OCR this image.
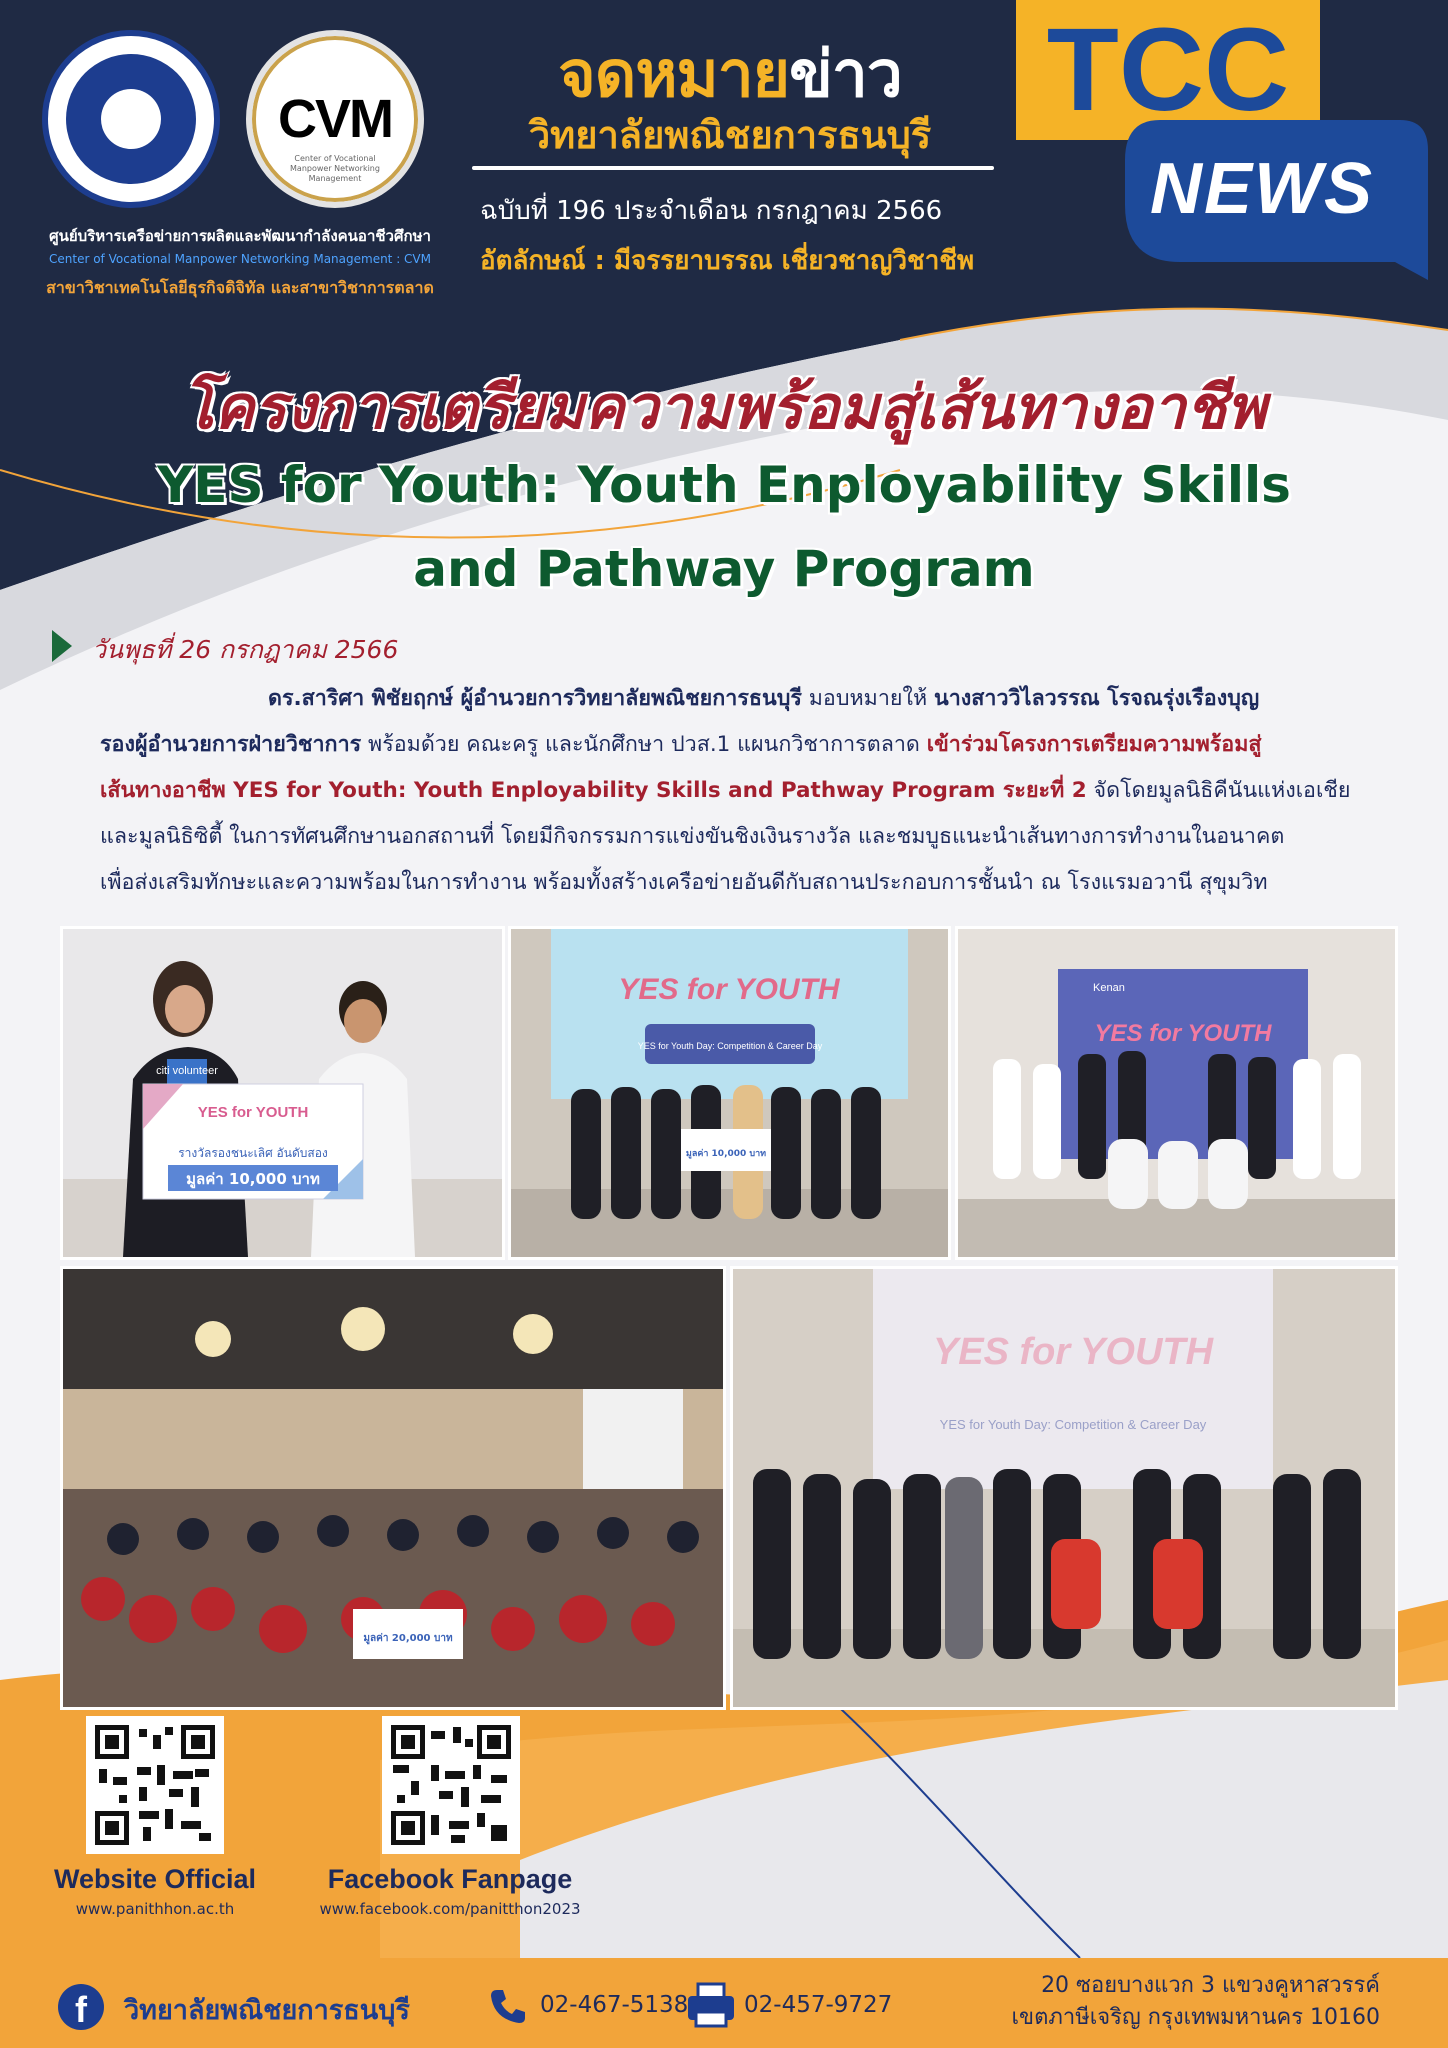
CVM
Center of Vocational Manpower Networking Management
ศูนย์บริหารเครือข่ายการผลิตและพัฒนากำลังคนอาชีวศึกษา
Center of Vocational Manpower Networking Management : CVM
สาขาวิชาเทคโนโลยีธุรกิจดิจิทัล และสาขาวิชาการตลาด
จดหมายข่าว
วิทยาลัยพณิชยการธนบุรี
ฉบับที่ 196 ประจำเดือน กรกฎาคม 2566
อัตลักษณ์ : มีจรรยาบรรณ เชี่ยวชาญวิชาชีพ
TCC
NEWS
โครงการเตรียมความพร้อมสู่เส้นทางอาชีพ
YES for Youth: Youth Enployability Skills
and Pathway Program
วันพุธที่ 26 กรกฎาคม 2566
ดร.สาริศา พิชัยฤกษ์ ผู้อำนวยการวิทยาลัยพณิชยการธนบุรี มอบหมายให้ นางสาววิไลวรรณ โรจณรุ่งเรืองบุญ
รองผู้อำนวยการฝ่ายวิชาการ พร้อมด้วย คณะครู และนักศึกษา ปวส.1 แผนกวิชาการตลาด เข้าร่วมโครงการเตรียมความพร้อมสู่
เส้นทางอาชีพ YES for Youth: Youth Enployability Skills and Pathway Program ระยะที่ 2 จัดโดยมูลนิธิคีนันแห่งเอเชีย
และมูลนิธิซิตี้ ในการทัศนศึกษานอกสถานที่ โดยมีกิจกรรมการแข่งขันชิงเงินรางวัล และชมบูธแนะนำเส้นทางการทำงานในอนาคต
เพื่อส่งเสริมทักษะและความพร้อมในการทำงาน พร้อมทั้งสร้างเครือข่ายอันดีกับสถานประกอบการชั้นนำ ณ โรงแรมอวานี สุขุมวิท
YES for YOUTH
รางวัลรองชนะเลิศ อันดับสอง
มูลค่า 10,000 บาท
citi volunteer
YES for YOUTH
YES for Youth Day: Competition & Career Day
มูลค่า 10,000 บาท
Kenan
YES for YOUTH
มูลค่า 20,000 บาท
YES for YOUTH
YES for Youth Day: Competition & Career Day
Website Official
www.panithhon.ac.th
Facebook Fanpage
www.facebook.com/panitthon2023
f	วิทยาลัยพณิชยการธนบุรี	02-467-5138 02-457-9727
20 ซอยบางแวก 3 แขวงคูหาสวรรค์
เขตภาษีเจริญ กรุงเทพมหานคร 10160
